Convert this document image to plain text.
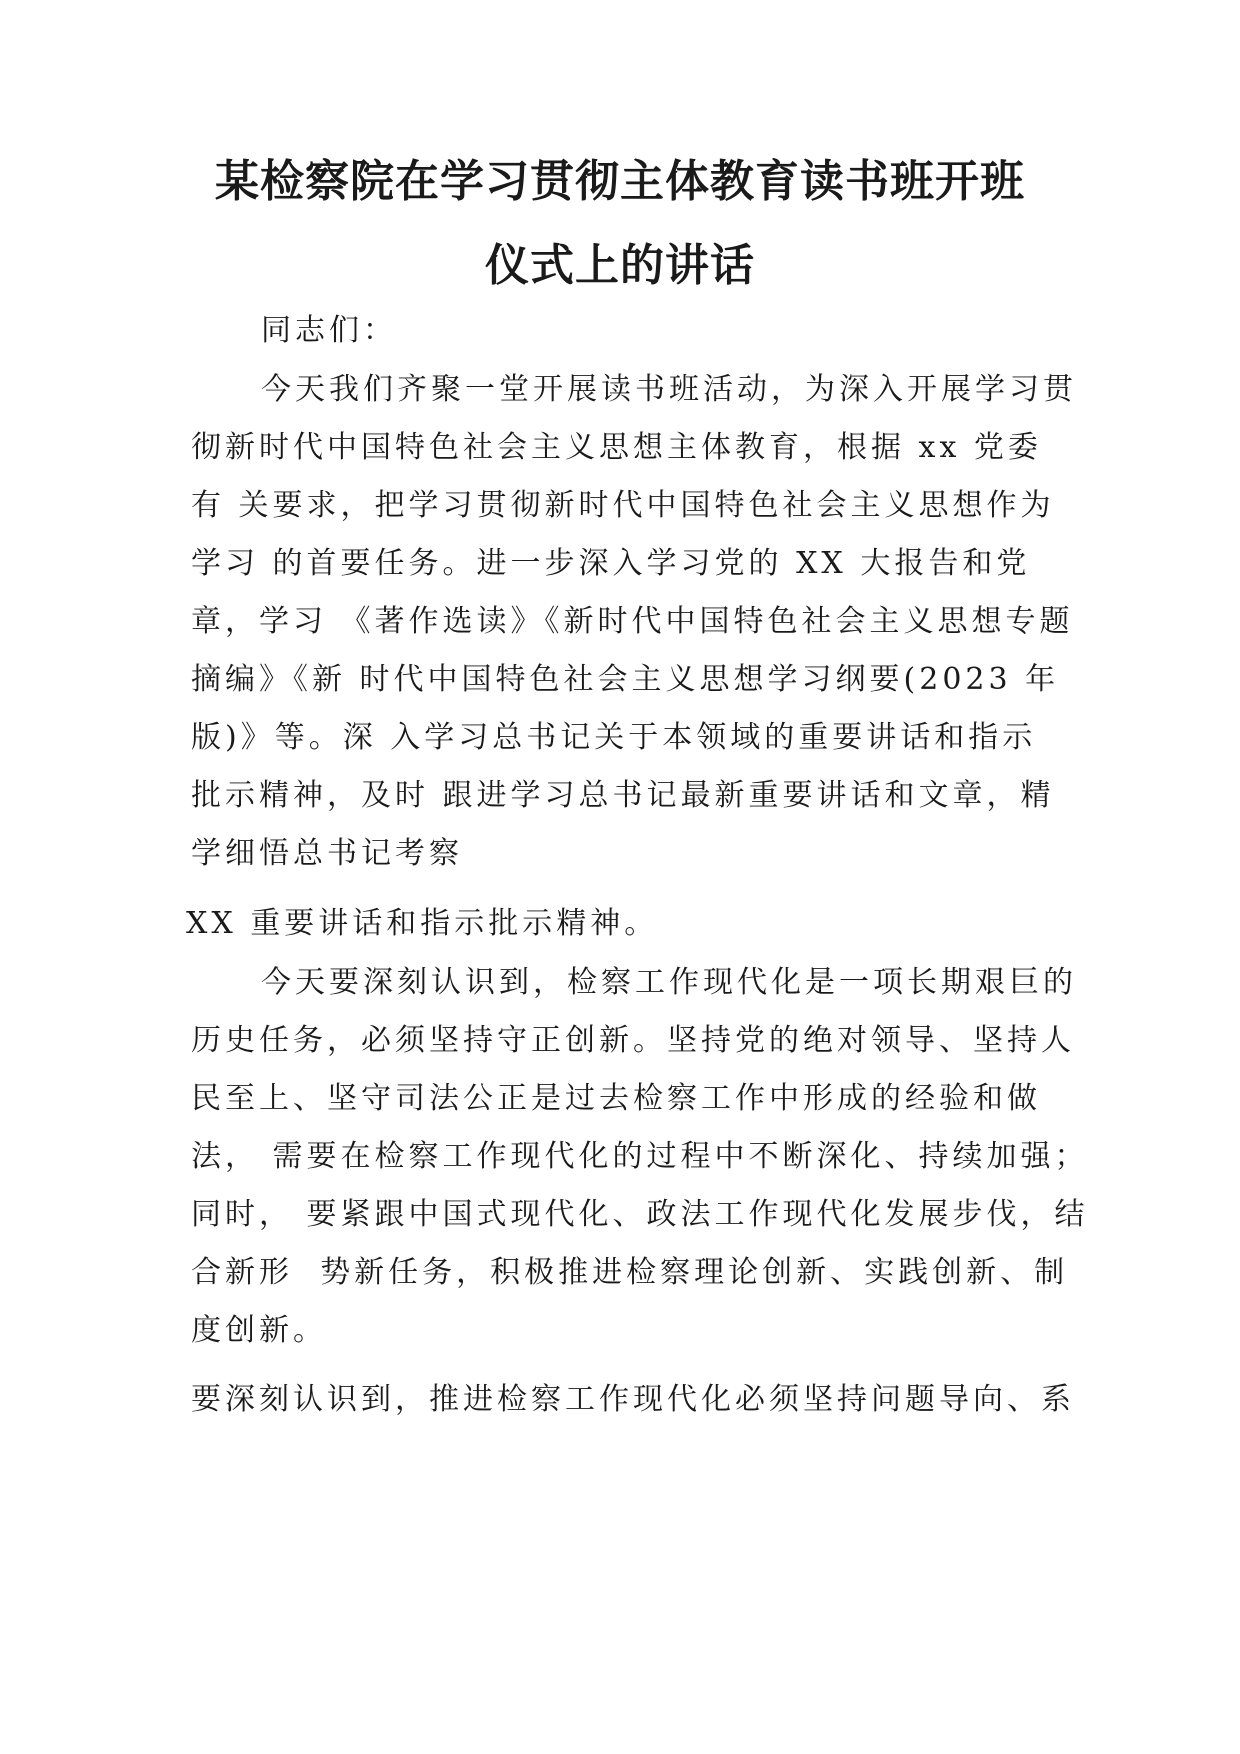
某检察院在学习贯彻主体教育读书班开班
仪式上的讲话

同志们：

今天我们齐聚一堂开展读书班活动，为深入开展学习贯

彻新时代中国特色社会主义思想主体教育，根据 xx 党委

有 关要求，把学习贯彻新时代中国特色社会主义思想作为

学习 的首要任务。进一步深入学习党的 XX 大报告和党

章，学习 《著作选读》《新时代中国特色社会主义思想专题

摘编》《新 时代中国特色社会主义思想学习纲要(2023 年

版)》等。深 入学习总书记关于本领域的重要讲话和指示

批示精神，及时 跟进学习总书记最新重要讲话和文章，精

学细悟总书记考察

XX 重要讲话和指示批示精神。

今天要深刻认识到，检察工作现代化是一项长期艰巨的

历史任务，必须坚持守正创新。坚持党的绝对领导、坚持人

民至上、坚守司法公正是过去检察工作中形成的经验和做

法， 需要在检察工作现代化的过程中不断深化、持续加强；

同时， 要紧跟中国式现代化、政法工作现代化发展步伐，结

合新形  势新任务，积极推进检察理论创新、实践创新、制

度创新。

要深刻认识到，推进检察工作现代化必须坚持问题导向、系
